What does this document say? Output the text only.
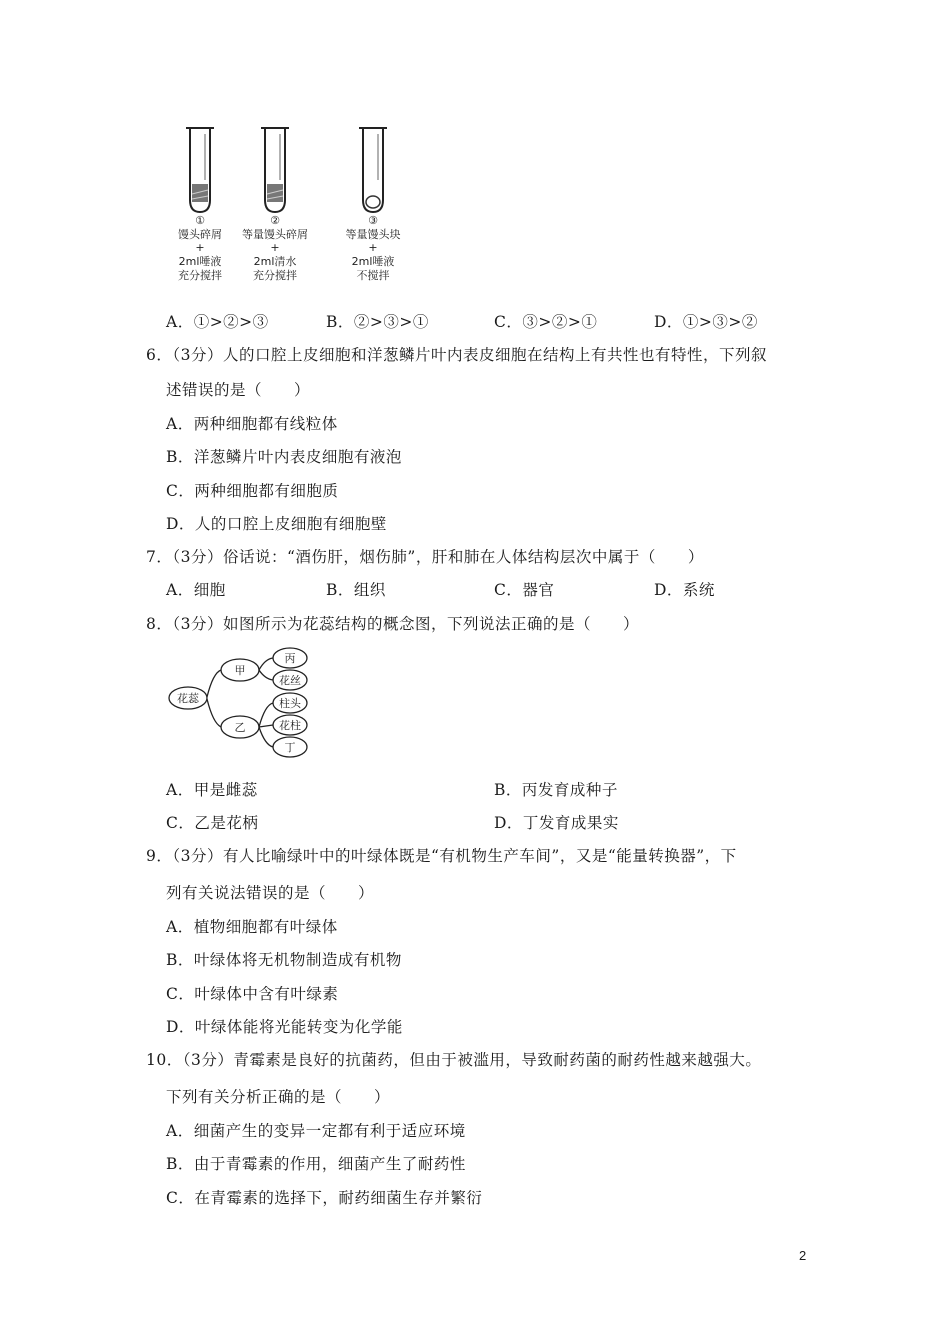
①
馒头碎屑
+
2ml唾液
充分搅拌
②
等量馒头碎屑
+
2ml清水
充分搅拌
③
等量馒头块
+
2ml唾液
不搅拌
A．①>②>③	B．②>③>①	C．③>②>①	D．①>③>②
6．（3分）人的口腔上皮细胞和洋葱鳞片叶内表皮细胞在结构上有共性也有特性，下列叙
述错误的是（　　）
A．两种细胞都有线粒体
B．洋葱鳞片叶内表皮细胞有液泡
C．两种细胞都有细胞质
D．人的口腔上皮细胞有细胞壁
7．（3分）俗话说：“酒伤肝，烟伤肺”，肝和肺在人体结构层次中属于（　　）
A．细胞	B．组织	C．器官	D．系统
8．（3分）如图所示为花蕊结构的概念图，下列说法正确的是（　　）
花蕊
甲
乙
丙
花丝
柱头
花柱
丁
A．甲是雌蕊	B．丙发育成种子
C．乙是花柄	D．丁发育成果实
9．（3分）有人比喻绿叶中的叶绿体既是“有机物生产车间”，又是“能量转换器”，下
列有关说法错误的是（　　）
A．植物细胞都有叶绿体
B．叶绿体将无机物制造成有机物
C．叶绿体中含有叶绿素
D．叶绿体能将光能转变为化学能
10．（3分）青霉素是良好的抗菌药，但由于被滥用，导致耐药菌的耐药性越来越强大。
下列有关分析正确的是（　　）
A．细菌产生的变异一定都有利于适应环境
B．由于青霉素的作用，细菌产生了耐药性
C．在青霉素的选择下，耐药细菌生存并繁衍
2
